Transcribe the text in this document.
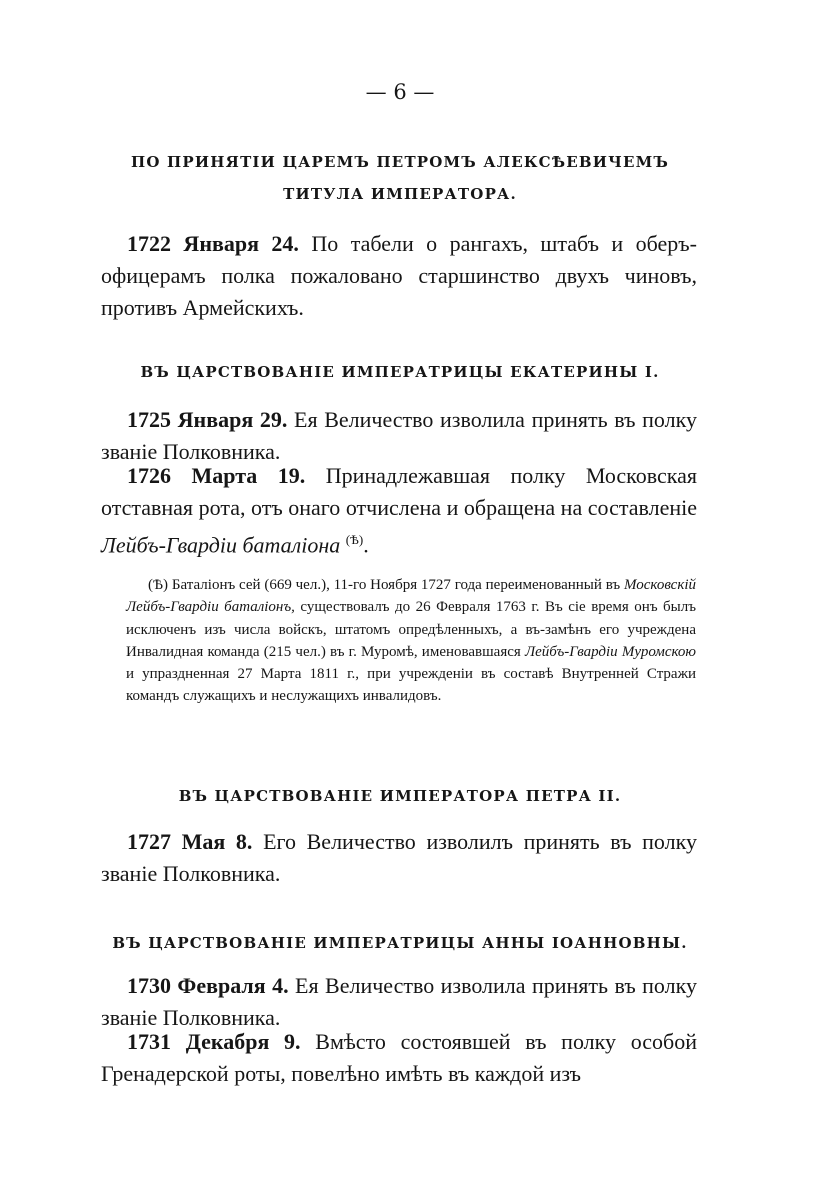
— 6 —
ПО ПРИНЯТІИ ЦАРЕМЪ ПЕТРОМЪ АЛЕКСѢЕВИЧЕМЪ
ТИТУЛА ИМПЕРАТОРА.
1722 Января 24. По табели о рангахъ, штабъ и оберъ-офицерамъ полка пожаловано старшинство двухъ чиновъ, противъ Армейскихъ.
ВЪ ЦАРСТВОВАНІЕ ИМПЕРАТРИЦЫ ЕКАТЕРИНЫ I.
1725 Января 29. Ея Величество изволила принять въ полку званіе Полковника.
1726 Марта 19. Принадлежавшая полку Московская отставная рота, отъ онаго отчислена и обращена на составленіе Лейбъ-Гвардіи баталіона $^{(Ѣ)}$.
(Ѣ) Баталіонъ сей (669 чел.), 11-го Ноября 1727 года переименованный въ Московскій Лейбъ-Гвардіи баталіонъ, существовалъ до 26 Февраля 1763 г. Въ сіе время онъ былъ исключенъ изъ числа войскъ, штатомъ опредѣленныхъ, а въ-замѣнъ его учреждена Инвалидная команда (215 чел.) въ г. Муромѣ, именовавшаяся Лейбъ-Гвардіи Муромскою и упраздненная 27 Марта 1811 г., при учрежденіи въ составѣ Внутренней Стражи командъ служащихъ и неслужащихъ инвалидовъ.
ВЪ ЦАРСТВОВАНІЕ ИМПЕРАТОРА ПЕТРА II.
1727 Мая 8. Его Величество изволилъ принять въ полку званіе Полковника.
ВЪ ЦАРСТВОВАНІЕ ИМПЕРАТРИЦЫ АННЫ ІОАННОВНЫ.
1730 Февраля 4. Ея Величество изволила принять въ полку званіе Полковника.
1731 Декабря 9. Вмѣсто состоявшей въ полку особой Гренадерской роты, повелѣно имѣть въ каждой изъ
